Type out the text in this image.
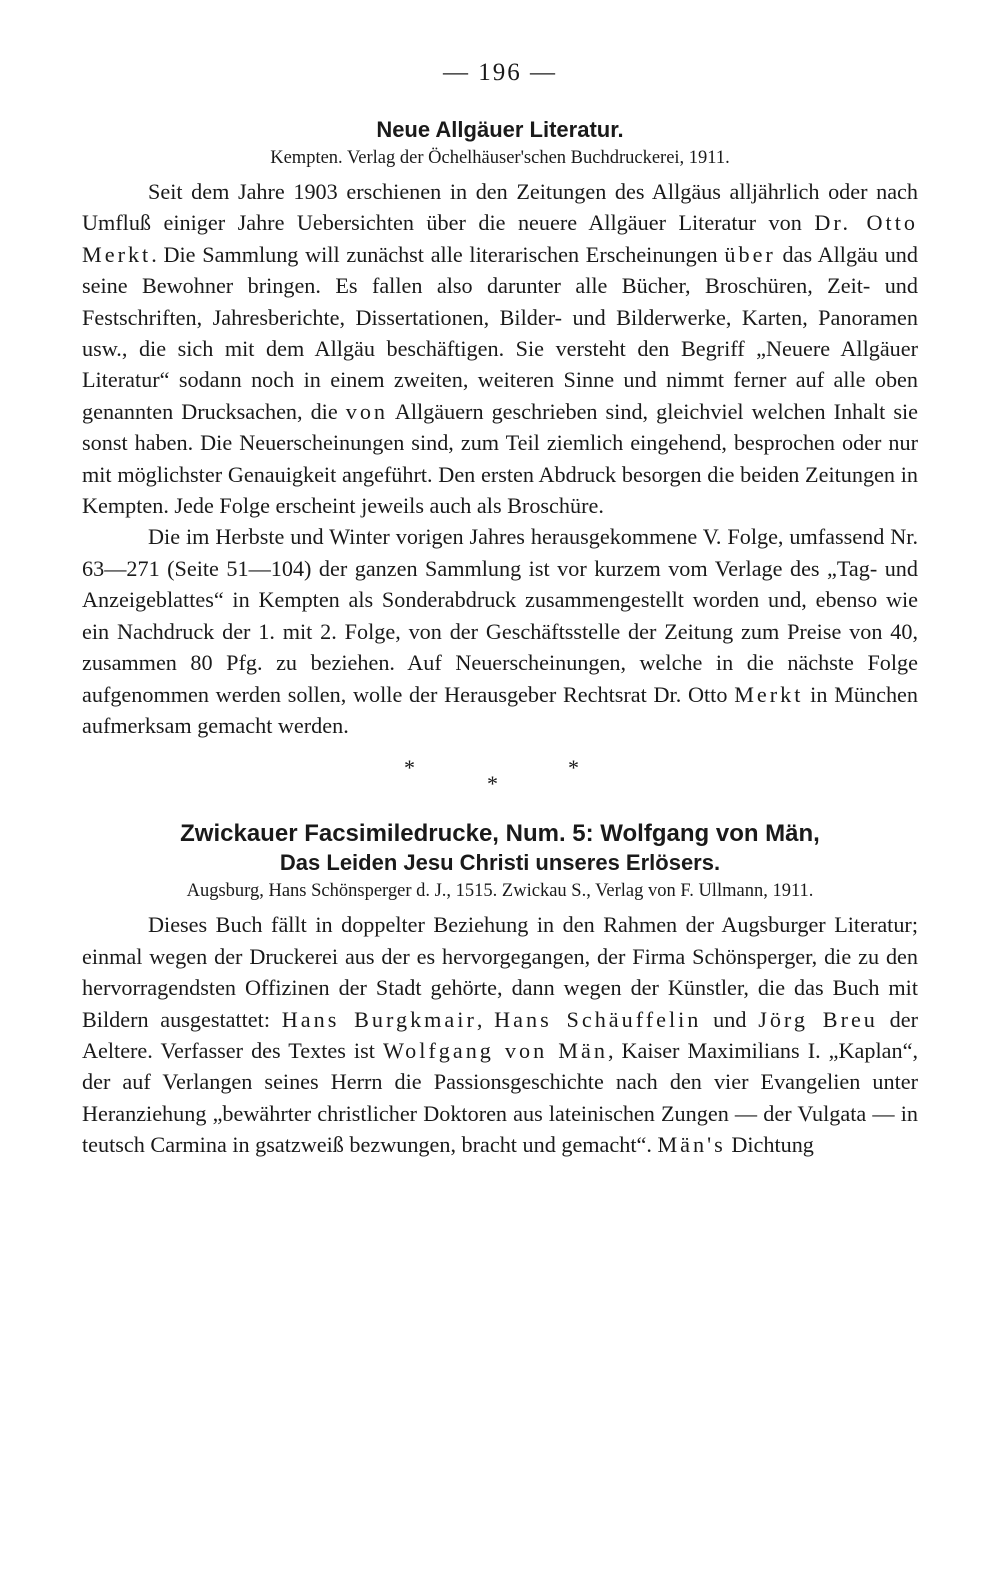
— 196 —
Neue Allgäuer Literatur.
Kempten. Verlag der Öchelhäuser'schen Buchdruckerei, 1911.

Seit dem Jahre 1903 erschienen in den Zeitungen des Allgäus alljährlich oder nach Umfluß einiger Jahre Uebersichten über die neuere Allgäuer Literatur von Dr. Otto Merkt. Die Sammlung will zunächst alle literarischen Erscheinungen über das Allgäu und seine Bewohner bringen. Es fallen also darunter alle Bücher, Broschüren, Zeit- und Festschriften, Jahresberichte, Dissertationen, Bilder- und Bilderwerke, Karten, Panoramen usw., die sich mit dem Allgäu beschäftigen. Sie versteht den Begriff „Neuere Allgäuer Literatur“ sodann noch in einem zweiten, weiteren Sinne und nimmt ferner auf alle oben genannten Drucksachen, die von Allgäuern geschrieben sind, gleichviel welchen Inhalt sie sonst haben. Die Neuerscheinungen sind, zum Teil ziemlich eingehend, besprochen oder nur mit möglichster Genauigkeit angeführt. Den ersten Abdruck besorgen die beiden Zeitungen in Kempten. Jede Folge erscheint jeweils auch als Broschüre.

Die im Herbste und Winter vorigen Jahres herausgekommene V. Folge, umfassend Nr. 63—271 (Seite 51—104) der ganzen Sammlung ist vor kurzem vom Verlage des „Tag- und Anzeigeblattes“ in Kempten als Sonderabdruck zusammengestellt worden und, ebenso wie ein Nachdruck der 1. mit 2. Folge, von der Geschäftsstelle der Zeitung zum Preise von 40, zusammen 80 Pfg. zu beziehen. Auf Neuerscheinungen, welche in die nächste Folge aufgenommen werden sollen, wolle der Herausgeber Rechtsrat Dr. Otto Merkt in München aufmerksam gemacht werden.

*	*
*
Zwickauer Facsimiledrucke, Num. 5: Wolfgang von Män,
Das Leiden Jesu Christi unseres Erlösers.
Augsburg, Hans Schönsperger d. J., 1515. Zwickau S., Verlag von F. Ullmann, 1911.

Dieses Buch fällt in doppelter Beziehung in den Rahmen der Augsburger Literatur; einmal wegen der Druckerei aus der es hervorgegangen, der Firma Schönsperger, die zu den hervorragendsten Offizinen der Stadt gehörte, dann wegen der Künstler, die das Buch mit Bildern ausgestattet: Hans Burgkmair, Hans Schäuffelin und Jörg Breu der Aeltere. Verfasser des Textes ist Wolfgang von Män, Kaiser Maximilians I. „Kaplan“, der auf Verlangen seines Herrn die Passionsgeschichte nach den vier Evangelien unter Heranziehung „bewährter christlicher Doktoren aus lateinischen Zungen — der Vulgata — in teutsch Carmina in gsatzweiß bezwungen, bracht und gemacht“. Män's Dichtung
